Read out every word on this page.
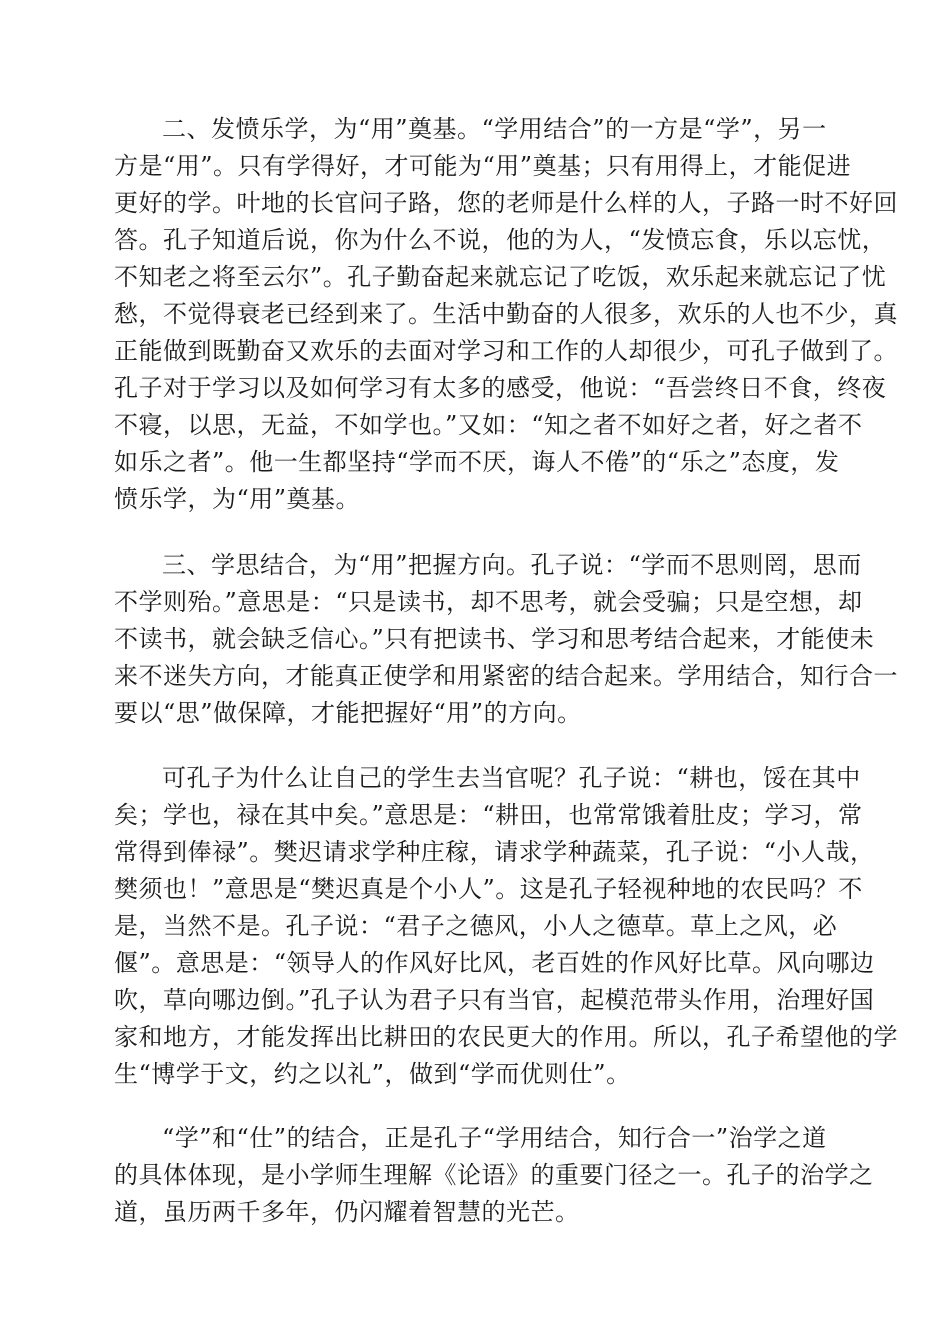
二、发愤乐学，为“用”奠基。“学用结合”的一方是“学”，另一
方是“用”。只有学得好，才可能为“用”奠基；只有用得上，才能促进
更好的学。叶地的长官问子路，您的老师是什么样的人，子路一时不好回
答。孔子知道后说，你为什么不说，他的为人，“发愤忘食，乐以忘忧，
不知老之将至云尔”。孔子勤奋起来就忘记了吃饭，欢乐起来就忘记了忧
愁，不觉得衰老已经到来了。生活中勤奋的人很多，欢乐的人也不少，真
正能做到既勤奋又欢乐的去面对学习和工作的人却很少，可孔子做到了。
孔子对于学习以及如何学习有太多的感受，他说：“吾尝终日不食，终夜
不寝，以思，无益，不如学也。”又如：“知之者不如好之者，好之者不
如乐之者”。他一生都坚持“学而不厌，诲人不倦”的“乐之”态度，发
愤乐学，为“用”奠基。
三、学思结合，为“用”把握方向。孔子说：“学而不思则罔，思而
不学则殆。”意思是：“只是读书，却不思考，就会受骗；只是空想，却
不读书，就会缺乏信心。”只有把读书、学习和思考结合起来，才能使未
来不迷失方向，才能真正使学和用紧密的结合起来。学用结合，知行合一
要以“思”做保障，才能把握好“用”的方向。
可孔子为什么让自己的学生去当官呢？孔子说：“耕也，馁在其中
矣；学也，禄在其中矣。”意思是：“耕田，也常常饿着肚皮；学习，常
常得到俸禄”。樊迟请求学种庄稼，请求学种蔬菜，孔子说：“小人哉，
樊须也！”意思是“樊迟真是个小人”。这是孔子轻视种地的农民吗？不
是，当然不是。孔子说：“君子之德风，小人之德草。草上之风，必
偃”。意思是：“领导人的作风好比风，老百姓的作风好比草。风向哪边
吹，草向哪边倒。”孔子认为君子只有当官，起模范带头作用，治理好国
家和地方，才能发挥出比耕田的农民更大的作用。所以，孔子希望他的学
生“博学于文，约之以礼”，做到“学而优则仕”。
“学”和“仕”的结合，正是孔子“学用结合，知行合一”治学之道
的具体体现，是小学师生理解《论语》的重要门径之一。孔子的治学之
道，虽历两千多年，仍闪耀着智慧的光芒。
